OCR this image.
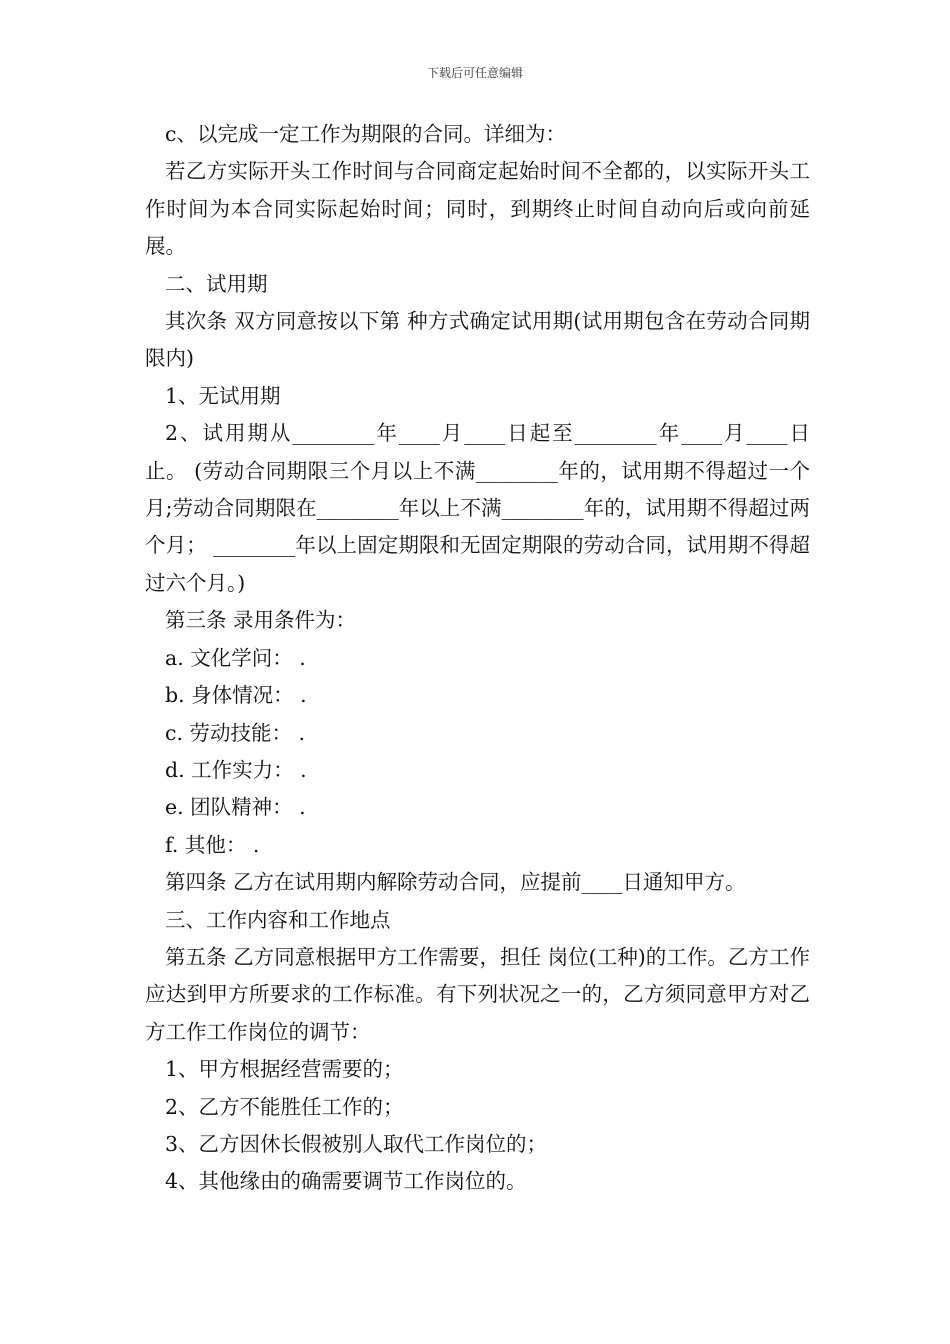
下载后可任意编辑

c、以完成一定工作为期限的合同。详细为：

若乙方实际开头工作时间与合同商定起始时间不全都的，以实际开头工作时间为本合同实际起始时间；同时，到期终止时间自动向后或向前延展。

二、试用期

其次条 双方同意按以下第 种方式确定试用期(试用期包含在劳动合同期限内)

1、无试用期

2、试用期从________年____月____日起至________年____月____日止。 (劳动合同期限三个月以上不满________年的，试用期不得超过一个月;劳动合同期限在________年以上不满________年的，试用期不得超过两个月； ________年以上固定期限和无固定期限的劳动合同，试用期不得超过六个月。)

第三条 录用条件为：

a. 文化学问： .

b. 身体情况： .

c. 劳动技能： .

d. 工作实力： .

e. 团队精神： .

f. 其他： .

第四条 乙方在试用期内解除劳动合同，应提前____日通知甲方。

三、工作内容和工作地点

第五条 乙方同意根据甲方工作需要，担任 岗位(工种)的工作。乙方工作应达到甲方所要求的工作标准。有下列状况之一的，乙方须同意甲方对乙方工作工作岗位的调节：

1、甲方根据经营需要的；

2、乙方不能胜任工作的；

3、乙方因休长假被别人取代工作岗位的；

4、其他缘由的确需要调节工作岗位的。
